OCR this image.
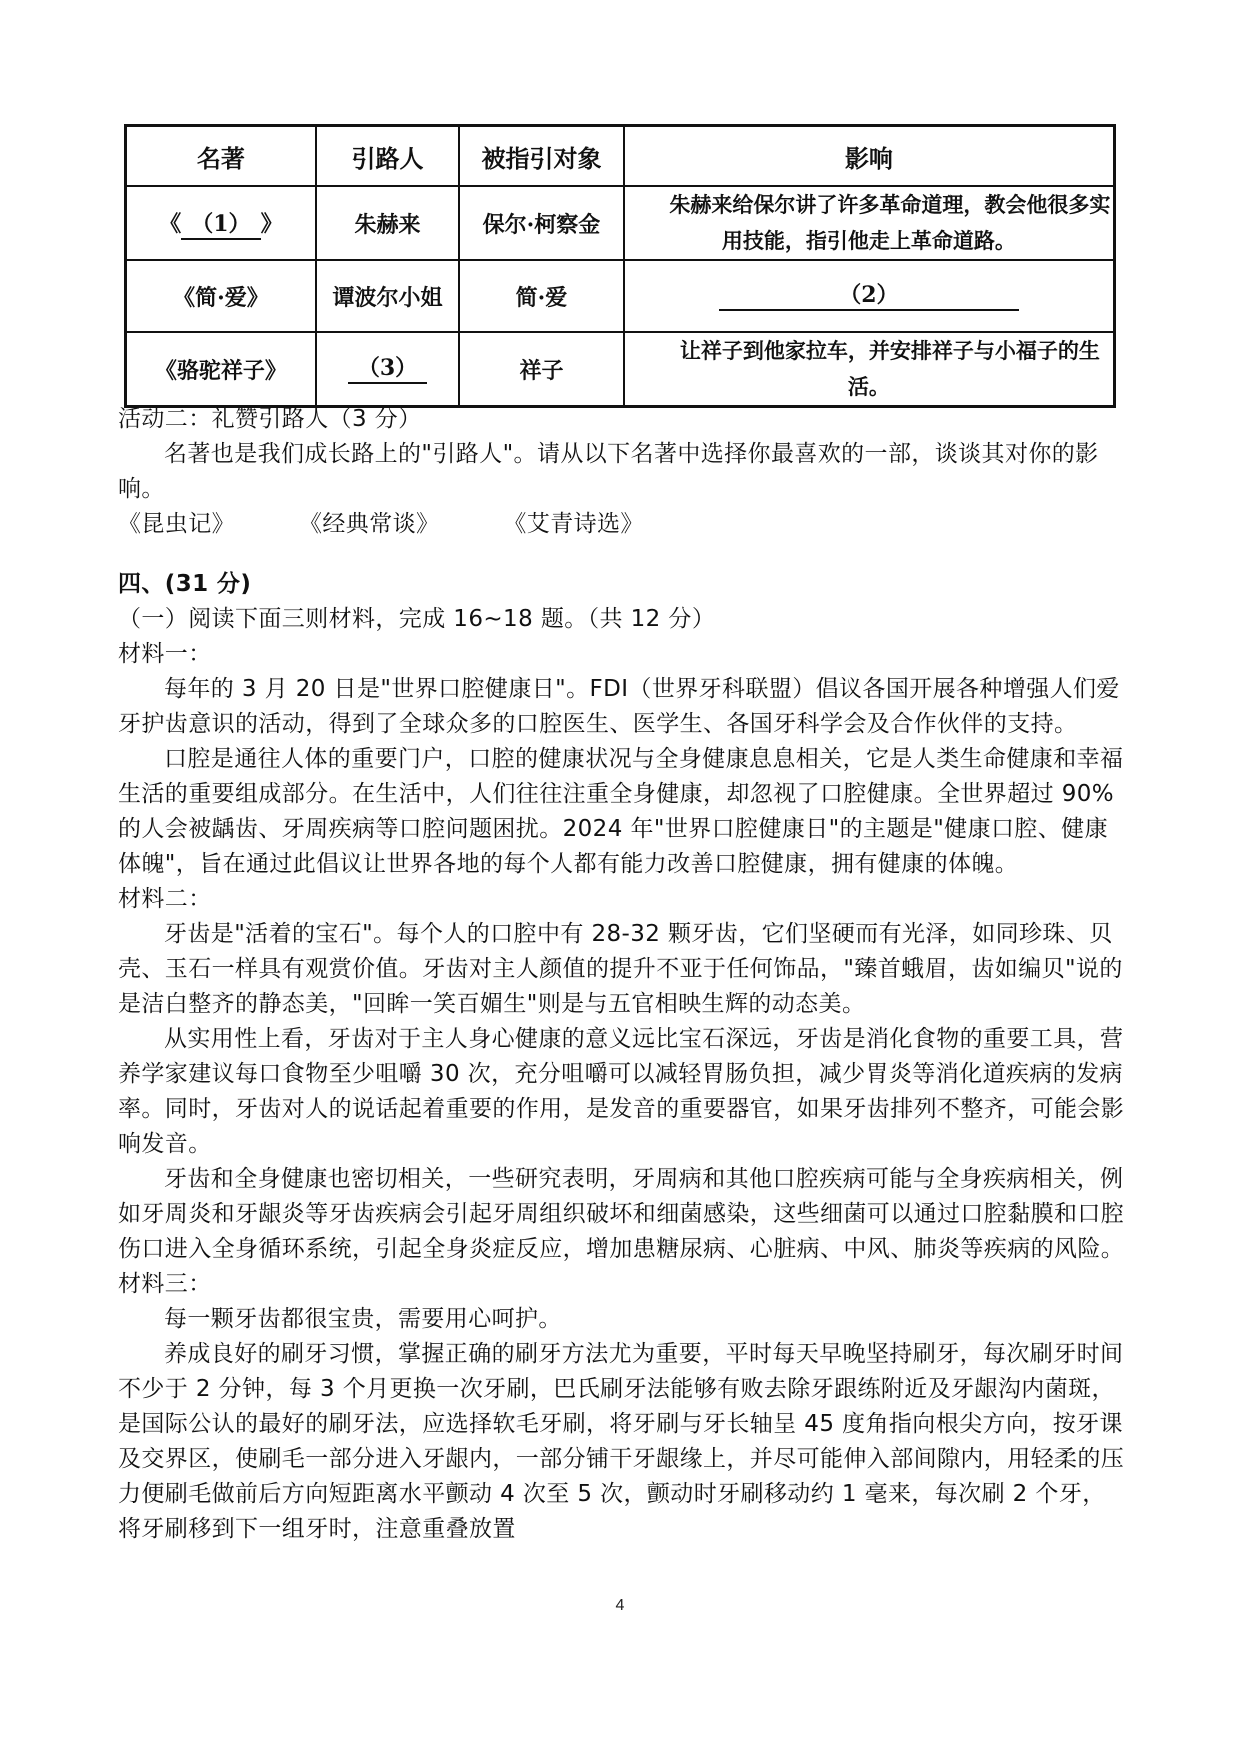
名著	引路人	被指引对象	影响
《 （1） 》	朱赫来	保尔·柯察金	朱赫来给保尔讲了许多革命道理，教会他很多实用技能，指引他走上革命道路。
《简·爱》	谭波尔小姐	简·爱	（2）
《骆驼祥子》	（3）	祥子	让祥子到他家拉车，并安排祥子与小福子的生活。

活动二：礼赞引路人（3 分）

名著也是我们成长路上的"引路人"。请从以下名著中选择你最喜欢的一部，谈谈其对你的影响。

《昆虫记》	《经典常谈》	《艾青诗选》

四、(31 分)

（一）阅读下面三则材料，完成 16~18 题。（共 12 分）

材料一：

每年的 3 月 20 日是"世界口腔健康日"。FDI（世界牙科联盟）倡议各国开展各种增强人们爱牙护齿意识的活动，得到了全球众多的口腔医生、医学生、各国牙科学会及合作伙伴的支持。

口腔是通往人体的重要门户，口腔的健康状况与全身健康息息相关，它是人类生命健康和幸福生活的重要组成部分。在生活中，人们往往注重全身健康，却忽视了口腔健康。全世界超过 90%的人会被龋齿、牙周疾病等口腔问题困扰。2024 年"世界口腔健康日"的主题是"健康口腔、健康体魄"，旨在通过此倡议让世界各地的每个人都有能力改善口腔健康，拥有健康的体魄。

材料二：

牙齿是"活着的宝石"。每个人的口腔中有 28-32 颗牙齿，它们坚硬而有光泽，如同珍珠、贝壳、玉石一样具有观赏价值。牙齿对主人颜值的提升不亚于任何饰品，"臻首蛾眉，齿如编贝"说的是洁白整齐的静态美，"回眸一笑百媚生"则是与五官相映生辉的动态美。

从实用性上看，牙齿对于主人身心健康的意义远比宝石深远，牙齿是消化食物的重要工具，营养学家建议每口食物至少咀嚼 30 次，充分咀嚼可以减轻胃肠负担，减少胃炎等消化道疾病的发病率。同时，牙齿对人的说话起着重要的作用，是发音的重要器官，如果牙齿排列不整齐，可能会影响发音。

牙齿和全身健康也密切相关，一些研究表明，牙周病和其他口腔疾病可能与全身疾病相关，例如牙周炎和牙龈炎等牙齿疾病会引起牙周组织破坏和细菌感染，这些细菌可以通过口腔黏膜和口腔伤口进入全身循环系统，引起全身炎症反应，增加患糖尿病、心脏病、中风、肺炎等疾病的风险。

材料三：

每一颗牙齿都很宝贵，需要用心呵护。

养成良好的刷牙习惯，掌握正确的刷牙方法尤为重要，平时每天早晚坚持刷牙，每次刷牙时间不少于 2 分钟，每 3 个月更换一次牙刷，巴氏刷牙法能够有败去除牙跟练附近及牙龈沟内菌斑，是国际公认的最好的刷牙法，应选择软毛牙刷，将牙刷与牙长轴呈 45 度角指向根尖方向，按牙课及交界区，使刷毛一部分进入牙龈内，一部分铺干牙龈缘上，并尽可能伸入部间隙内，用轻柔的压力便刷毛做前后方向短距离水平颤动 4 次至 5 次，颤动时牙刷移动约 1 毫来，每次刷 2 个牙，将牙刷移到下一组牙时，注意重叠放置

4
